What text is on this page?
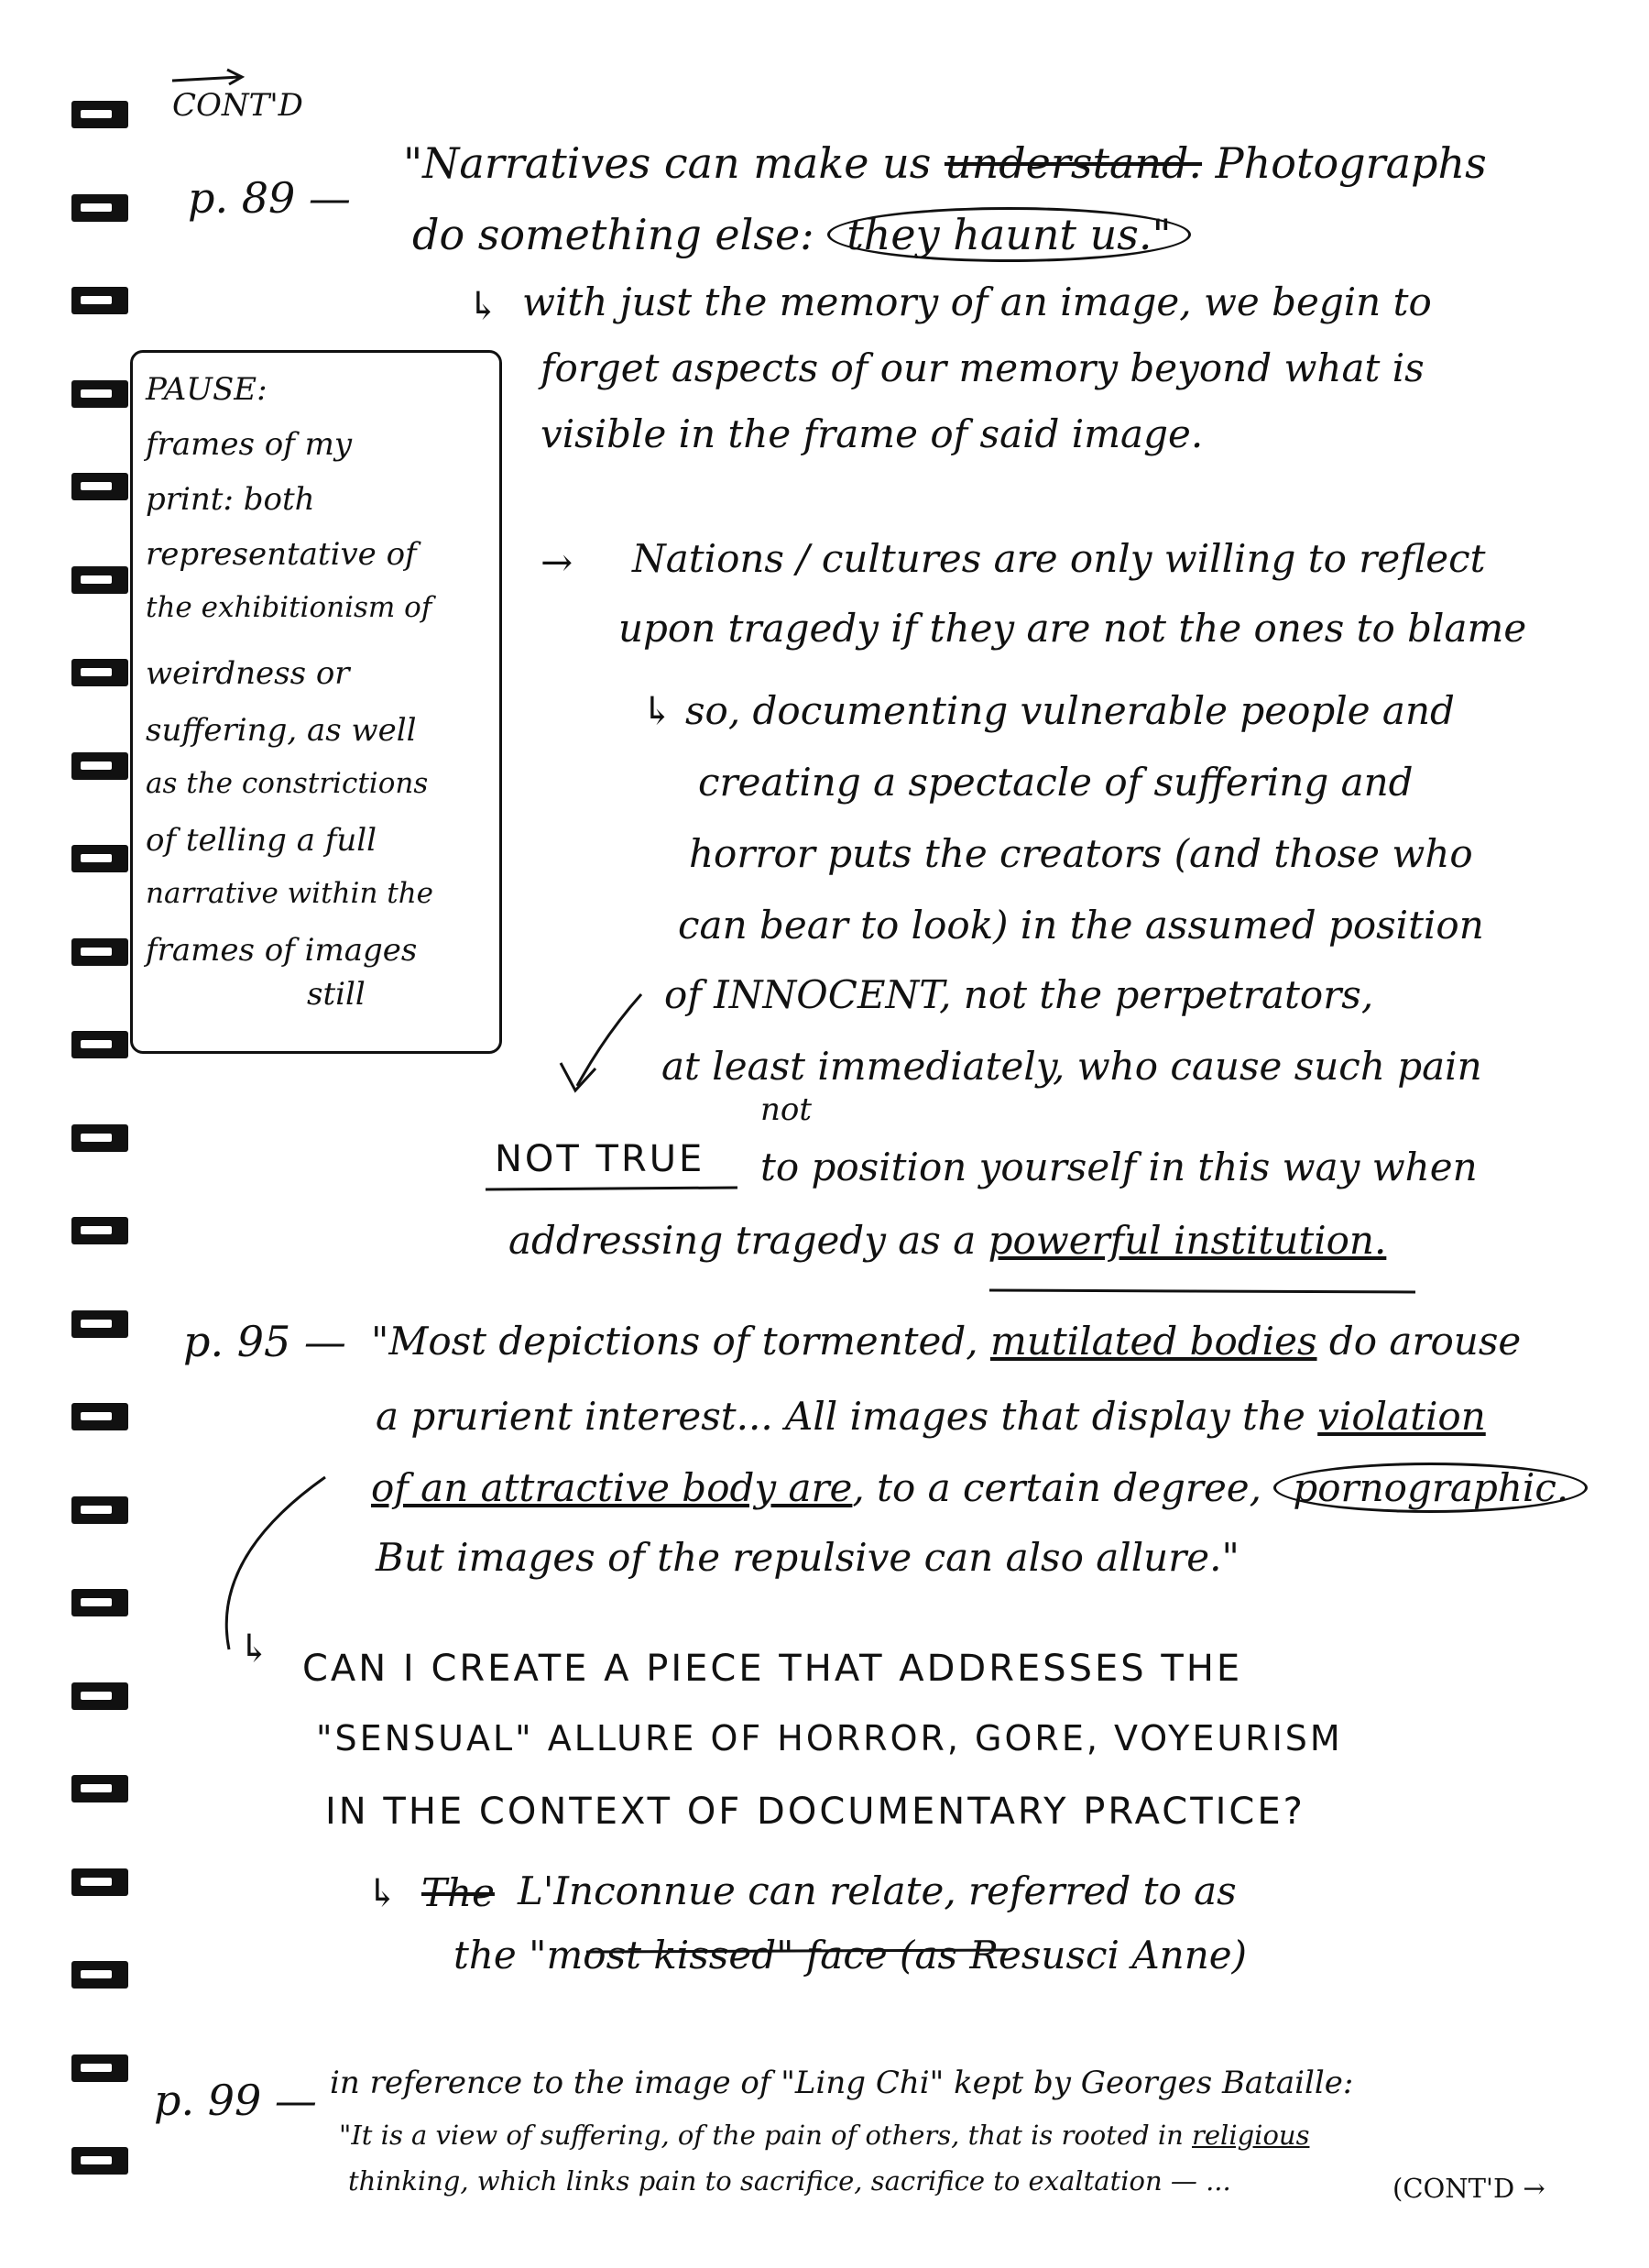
CONT'D
p. 89 —
"Narratives can make us understand. Photographs
do something else: they haunt us."
↳ with just the memory of an image, we begin to
forget aspects of our memory beyond what is
visible in the frame of said image.
PAUSE:
frames of my
print: both
representative of
the exhibitionism of
weirdness or
suffering, as well
as the constrictions
of telling a full
narrative within the
frames of images
still
→ Nations / cultures are only willing to reflect
upon tragedy if they are not the ones to blame
↳ so, documenting vulnerable people and
creating a spectacle of suffering and
horror puts the creators (and those who
can bear to look) in the assumed position
of INNOCENT, not the perpetrators,
at least immediately, who cause such pain
not
NOT TRUE to position yourself in this way when
addressing tragedy as a powerful institution.
p. 95 — "Most depictions of tormented, mutilated bodies do arouse
a prurient interest... All images that display the violation
of an attractive body are, to a certain degree, pornographic.
But images of the repulsive can also allure."
↳ CAN I CREATE A PIECE THAT ADDRESSES THE
"SENSUAL" ALLURE OF HORROR, GORE, VOYEURISM
IN THE CONTEXT OF DOCUMENTARY PRACTICE?
↳ The L'Inconnue can relate, referred to as
the "most kissed" face (as Resusci Anne)
p. 99 — in reference to the image of "Ling Chi" kept by Georges Bataille:
"It is a view of suffering, of the pain of others, that is rooted in religious
thinking, which links pain to sacrifice, sacrifice to exaltation — ...	(CONT'D →
